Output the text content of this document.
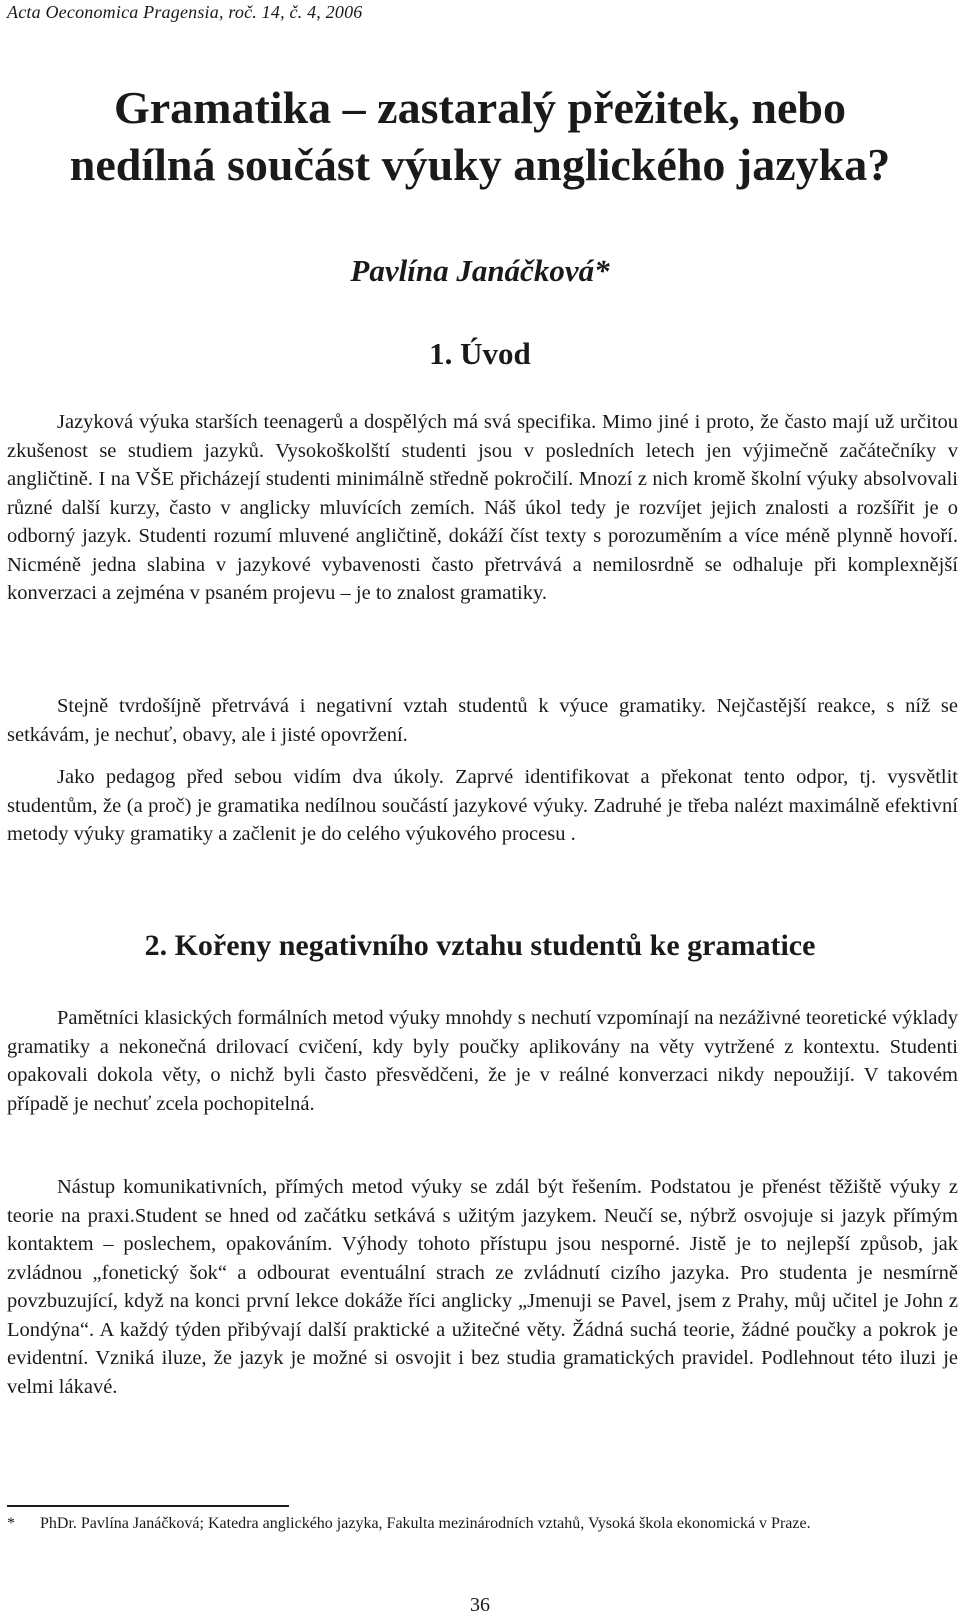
Acta Oeconomica Pragensia, roč. 14, č. 4, 2006
Gramatika – zastaralý přežitek, nebo
nedílná součást výuky anglického jazyka?
Pavlína Janáčková*
1. Úvod

Jazyková výuka starších teenagerů a dospělých má svá specifika. Mimo jiné i proto, že často mají už určitou zkušenost se studiem jazyků. Vysokoškolští studenti jsou v posledních letech jen výjimečně začátečníky v angličtině. I na VŠE přicházejí studenti minimálně středně pokročilí. Mnozí z nich kromě školní výuky absolvovali různé další kurzy, často v anglicky mluvících zemích. Náš úkol tedy je rozvíjet jejich znalosti a rozšířit je o odborný jazyk. Studenti rozumí mluvené angličtině, dokáží číst texty s porozuměním a více méně plynně hovoří. Nicméně jedna slabina v jazykové vybavenosti často přetrvává a nemilosrdně se odhaluje při komplexnější konverzaci a zejména v psaném projevu – je to znalost gramatiky.

Stejně tvrdošíjně přetrvává i negativní vztah studentů k výuce gramatiky. Nejčastější reakce, s níž se setkávám, je nechuť, obavy, ale i jisté opovržení.

Jako pedagog před sebou vidím dva úkoly. Zaprvé identifikovat a překonat tento odpor, tj. vysvětlit studentům, že (a proč) je gramatika nedílnou součástí jazykové výuky. Zadruhé je třeba nalézt maximálně efektivní metody výuky gramatiky a začlenit je do celého výukového procesu .

2. Kořeny negativního vztahu studentů ke gramatice

Pamětníci klasických formálních metod výuky mnohdy s nechutí vzpomínají na nezáživné teoretické výklady gramatiky a nekonečná drilovací cvičení, kdy byly poučky aplikovány na věty vytržené z kontextu. Studenti opakovali dokola věty, o nichž byli často přesvědčeni, že je v reálné konverzaci nikdy nepoužijí. V takovém případě je nechuť zcela pochopitelná.

Nástup komunikativních, přímých metod výuky se zdál být řešením. Podstatou je přenést těžiště výuky z teorie na praxi.Student se hned od začátku setkává s užitým jazykem. Neučí se, nýbrž osvojuje si jazyk přímým kontaktem – poslechem, opakováním. Výhody tohoto přístupu jsou nesporné. Jistě je to nejlepší způsob, jak zvládnou „fonetický šok“ a odbourat eventuální strach ze zvládnutí cizího jazyka. Pro studenta je nesmírně povzbuzující, když na konci první lekce dokáže říci anglicky „Jmenuji se Pavel, jsem z Prahy, můj učitel je John z Londýna“. A každý týden přibývají další praktické a užitečné věty. Žádná suchá teorie, žádné poučky a pokrok je evidentní. Vzniká iluze, že jazyk je možné si osvojit i bez studia gramatických pravidel. Podlehnout této iluzi je velmi lákavé.

* PhDr. Pavlína Janáčková; Katedra anglického jazyka, Fakulta mezinárodních vztahů, Vysoká škola ekonomická v Praze.
36
